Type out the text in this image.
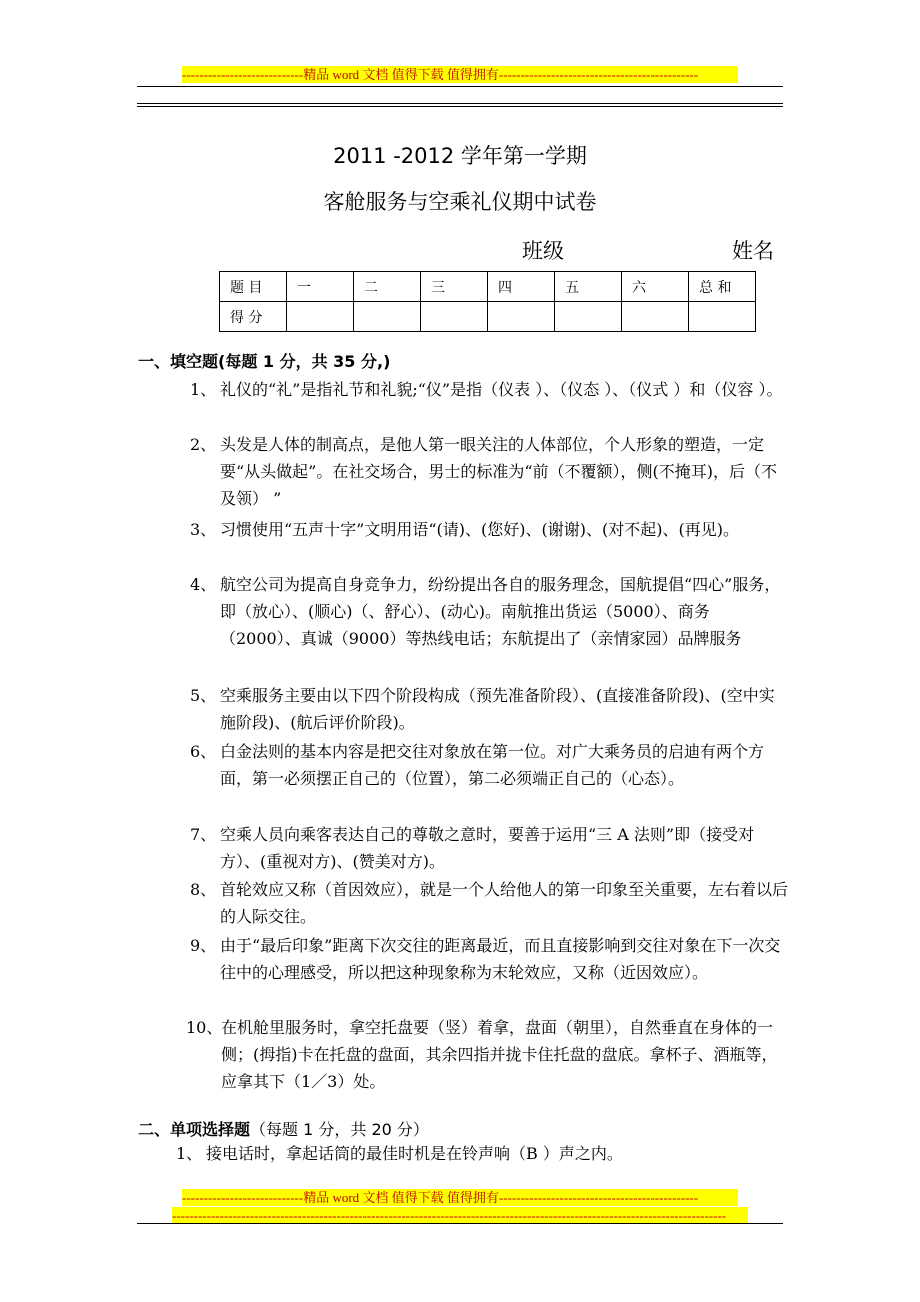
----------------------------精品 word 文档 值得下载 值得拥有----------------------------------------------
2011 -2012 学年第一学期
客舱服务与空乘礼仪期中试卷
班级	姓名
题 目	一	二	三	四	五	六	总 和
得 分							
一、填空题(每题 1 分，共 35 分,)
1、 礼仪的“礼”是指礼节和礼貌;“仪”是指（仪表 ）、（仪态 ）、（仪式 ）和（仪容 ）。
2、 头发是人体的制高点，是他人第一眼关注的人体部位，个人形象的塑造，一定要“从头做起”。在社交场合，男士的标准为“前（不覆额），侧(不掩耳)，后（不及领） ”
3、 习惯使用“五声十字”文明用语“(请)、(您好)、(谢谢)、(对不起)、(再见)。
4、 航空公司为提高自身竞争力，纷纷提出各自的服务理念，国航提倡“四心”服务，即（放心）、(顺心)（、舒心）、(动心)。南航推出货运（5000）、商务（2000）、真诚（9000）等热线电话；东航提出了（亲情家园）品牌服务
5、 空乘服务主要由以下四个阶段构成（预先准备阶段）、(直接准备阶段)、(空中实施阶段)、(航后评价阶段)。
6、 白金法则的基本内容是把交往对象放在第一位。对广大乘务员的启迪有两个方面，第一必须摆正自己的（位置），第二必须端正自己的（心态）。
7、 空乘人员向乘客表达自己的尊敬之意时，要善于运用“三 A 法则”即（接受对方）、(重视对方)、(赞美对方)。
8、 首轮效应又称（首因效应），就是一个人给他人的第一印象至关重要，左右着以后的人际交往。
9、 由于“最后印象”距离下次交往的距离最近，而且直接影响到交往对象在下一次交往中的心理感受，所以把这种现象称为末轮效应，又称（近因效应）。
10、
在机舱里服务时，拿空托盘要（竖）着拿，盘面（朝里），自然垂直在身体的一侧；(拇指)卡在托盘的盘面，其余四指并拢卡住托盘的盘底。拿杯子、酒瓶等，应拿其下（1／3）处。
二、单项选择题（每题 1 分，共 20 分）
1、 接电话时，拿起话筒的最佳时机是在铃声响（B ）声之内。
----------------------------精品 word 文档 值得下载 值得拥有----------------------------------------------
--------------------------------------------------------------------------------------------------------------------------------
